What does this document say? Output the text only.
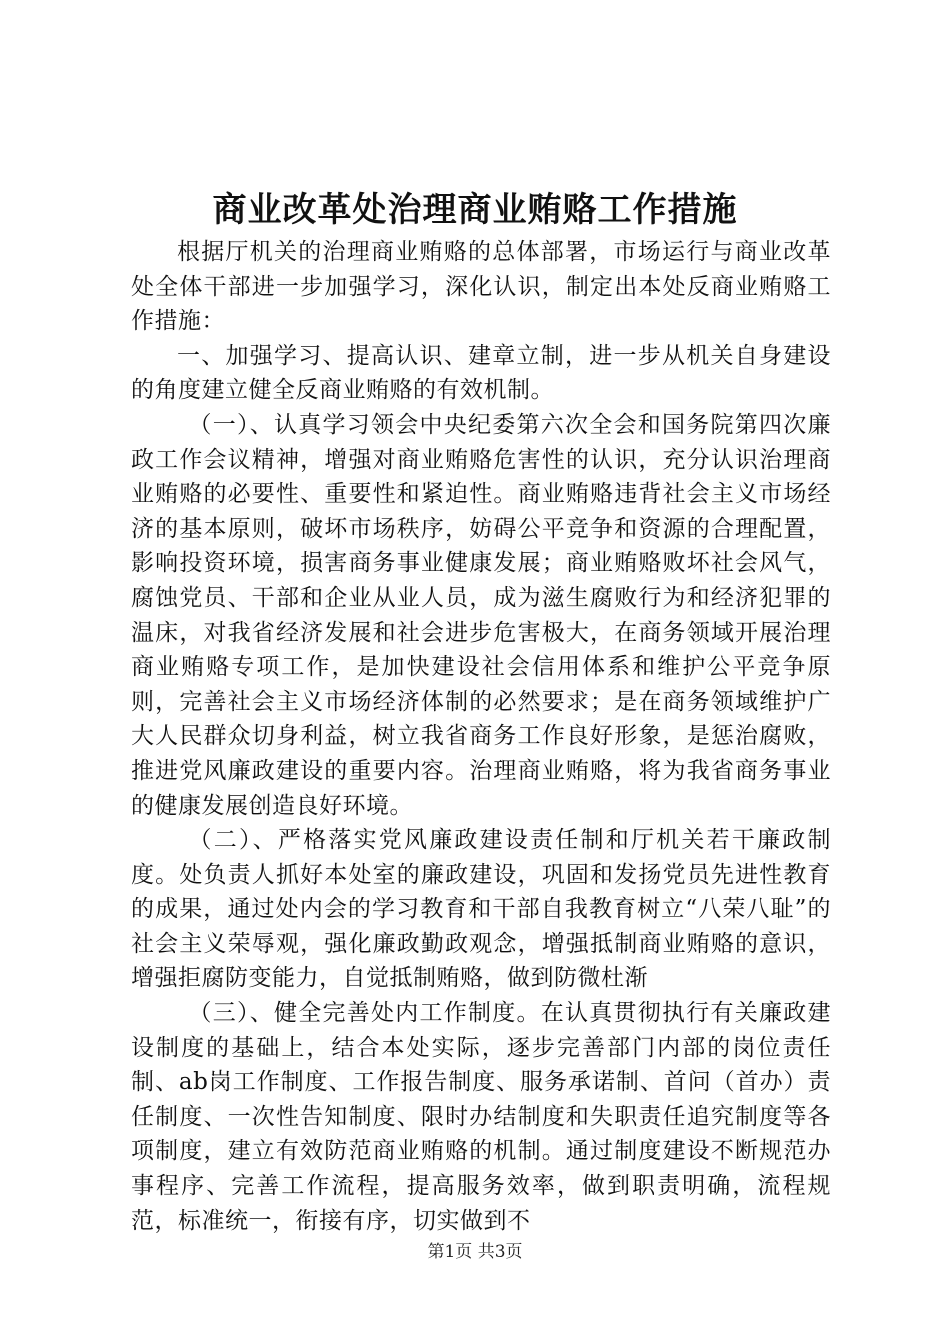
商业改革处治理商业贿赂工作措施

根据厅机关的治理商业贿赂的总体部署，市场运行与商业改革处全体干部进一步加强学习，深化认识，制定出本处反商业贿赂工作措施：

一、加强学习、提高认识、建章立制，进一步从机关自身建设的角度建立健全反商业贿赂的有效机制。

（一）、认真学习领会中央纪委第六次全会和国务院第四次廉政工作会议精神，增强对商业贿赂危害性的认识，充分认识治理商业贿赂的必要性、重要性和紧迫性。商业贿赂违背社会主义市场经济的基本原则，破坏市场秩序，妨碍公平竞争和资源的合理配置，影响投资环境，损害商务事业健康发展；商业贿赂败坏社会风气，腐蚀党员、干部和企业从业人员，成为滋生腐败行为和经济犯罪的温床，对我省经济发展和社会进步危害极大，在商务领域开展治理商业贿赂专项工作，是加快建设社会信用体系和维护公平竞争原则，完善社会主义市场经济体制的必然要求；是在商务领域维护广大人民群众切身利益，树立我省商务工作良好形象，是惩治腐败，推进党风廉政建设的重要内容。治理商业贿赂，将为我省商务事业的健康发展创造良好环境。

（二）、严格落实党风廉政建设责任制和厅机关若干廉政制度。处负责人抓好本处室的廉政建设，巩固和发扬党员先进性教育的成果，通过处内会的学习教育和干部自我教育树立“八荣八耻”的社会主义荣辱观，强化廉政勤政观念，增强抵制商业贿赂的意识，增强拒腐防变能力，自觉抵制贿赂，做到防微杜渐

（三）、健全完善处内工作制度。在认真贯彻执行有关廉政建设制度的基础上，结合本处实际，逐步完善部门内部的岗位责任制、ab岗工作制度、工作报告制度、服务承诺制、首问（首办）责任制度、一次性告知制度、限时办结制度和失职责任追究制度等各项制度，建立有效防范商业贿赂的机制。通过制度建设不断规范办事程序、完善工作流程，提高服务效率，做到职责明确，流程规范，标准统一，衔接有序，切实做到不

第1页 共3页
